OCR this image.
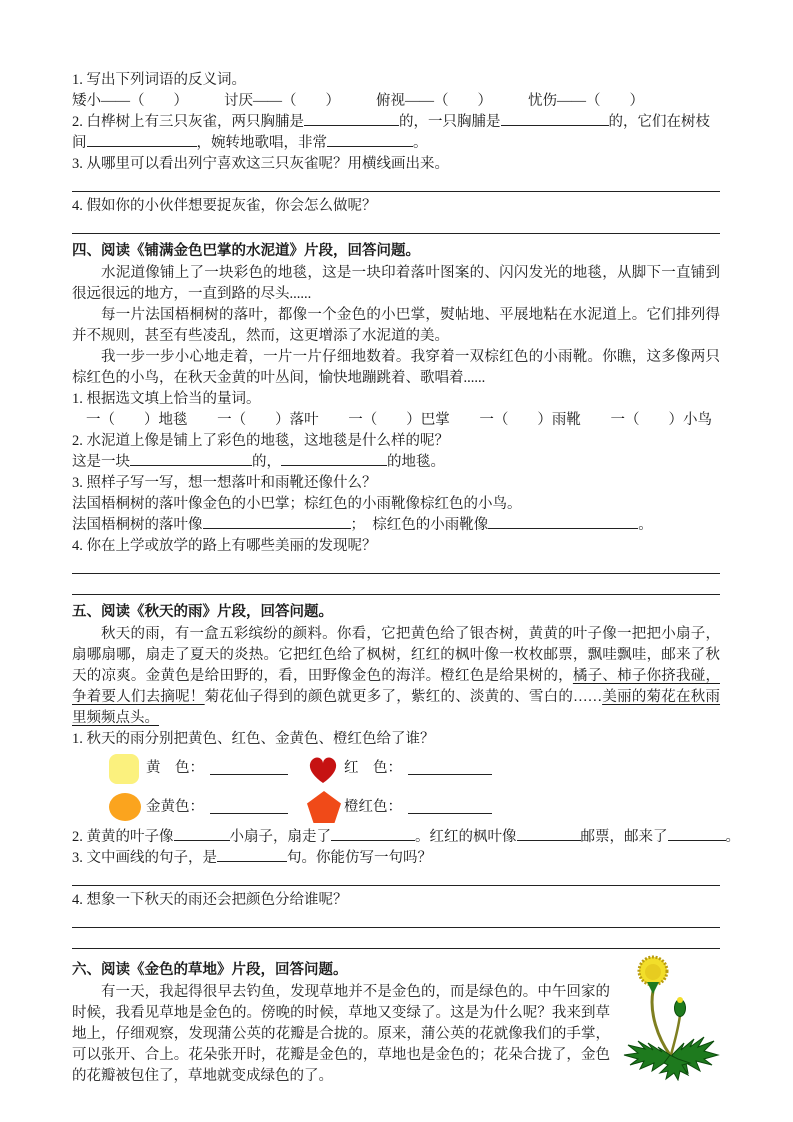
1. 写出下列词语的反义词。

矮小——（　　） 讨厌——（　　） 俯视——（　　） 忧伤——（　　）

2. 白桦树上有三只灰雀，两只胸脯是	的，一只胸脯是	的，它们在树枝

间	，婉转地歌唱，非常	。

3. 从哪里可以看出列宁喜欢这三只灰雀呢？用横线画出来。

4. 假如你的小伙伴想要捉灰雀，你会怎么做呢？

四、阅读《铺满金色巴掌的水泥道》片段，回答问题。

水泥道像铺上了一块彩色的地毯，这是一块印着落叶图案的、闪闪发光的地毯，从脚下一直铺到很远很远的地方，一直到路的尽头......

每一片法国梧桐树的落叶，都像一个金色的小巴掌，熨帖地、平展地粘在水泥道上。它们排列得并不规则，甚至有些凌乱，然而，这更增添了水泥道的美。

我一步一步小心地走着，一片一片仔细地数着。我穿着一双棕红色的小雨靴。你瞧，这多像两只棕红色的小鸟，在秋天金黄的叶丛间，愉快地蹦跳着、歌唱着......

1. 根据选文填上恰当的量词。

一（　　）地毯 一（　　）落叶 一（　　）巴掌 一（　　）雨靴 一（　　）小鸟

2. 水泥道上像是铺上了彩色的地毯，这地毯是什么样的呢？

这是一块	的，	的地毯。

3. 照样子写一写，想一想落叶和雨靴还像什么？

法国梧桐树的落叶像金色的小巴掌；棕红色的小雨靴像棕红色的小鸟。

法国梧桐树的落叶像	；　棕红色的小雨靴像	。

4. 你在上学或放学的路上有哪些美丽的发现呢？

五、阅读《秋天的雨》片段，回答问题。

秋天的雨，有一盒五彩缤纷的颜料。你看，它把黄色给了银杏树，黄黄的叶子像一把把小扇子，扇哪扇哪，扇走了夏天的炎热。它把红色给了枫树，红红的枫叶像一枚枚邮票，飘哇飘哇，邮来了秋天的凉爽。金黄色是给田野的，看，田野像金色的海洋。橙红色是给果树的，橘子、柿子你挤我碰，争着要人们去摘呢！菊花仙子得到的颜色就更多了，紫红的、淡黄的、雪白的……美丽的菊花在秋雨里频频点头。

1. 秋天的雨分别把黄色、红色、金黄色、橙红色给了谁？

黄　色：	红　色：
金黄色：	橙红色：

2. 黄黄的叶子像	小扇子，扇走了	。红红的枫叶像	邮票，邮来了	。

3. 文中画线的句子，是	句。你能仿写一句吗？

4. 想象一下秋天的雨还会把颜色分给谁呢？

六、阅读《金色的草地》片段，回答问题。

有一天，我起得很早去钓鱼，发现草地并不是金色的，而是绿色的。中午回家的时候，我看见草地是金色的。傍晚的时候，草地又变绿了。这是为什么呢？我来到草地上，仔细观察，发现蒲公英的花瓣是合拢的。原来，蒲公英的花就像我们的手掌，可以张开、合上。花朵张开时，花瓣是金色的，草地也是金色的；花朵合拢了，金色的花瓣被包住了，草地就变成绿色的了。
